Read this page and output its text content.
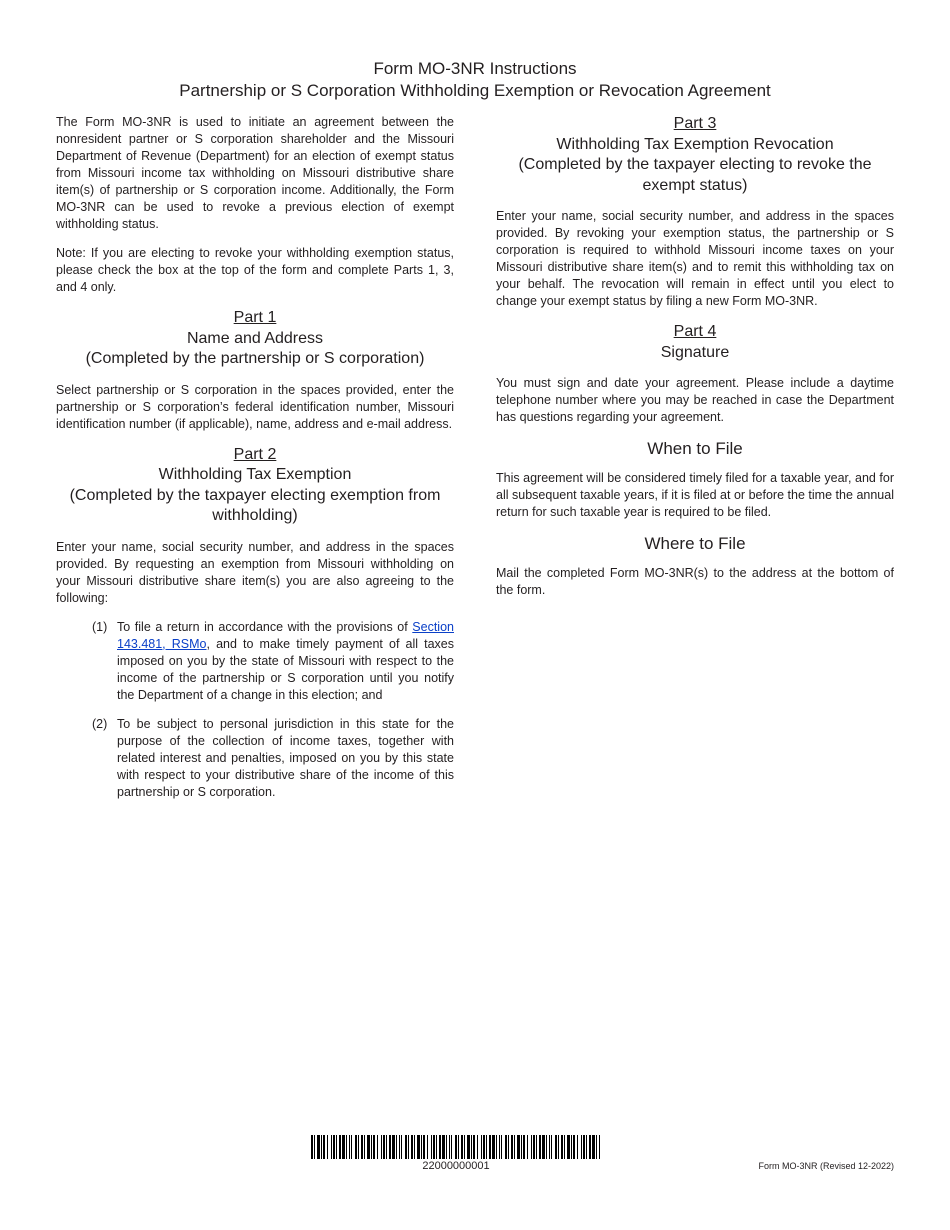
Form MO-3NR Instructions
Partnership or S Corporation Withholding Exemption or Revocation Agreement

The Form MO-3NR is used to initiate an agreement between the nonresident partner or S corporation shareholder and the Missouri Department of Revenue (Department) for an election of exempt status from Missouri income tax withholding on Missouri distributive share item(s) of partnership or S corporation income. Additionally, the Form MO-3NR can be used to revoke a previous election of exempt withholding status.

Note: If you are electing to revoke your withholding exemption status, please check the box at the top of the form and complete Parts 1, 3, and 4 only.

Part 1
Name and Address
(Completed by the partnership or S corporation)

Select partnership or S corporation in the spaces provided, enter the partnership or S corporation’s federal identification number, Missouri identification number (if applicable), name, address and e-mail address.

Part 2
Withholding Tax Exemption
(Completed by the taxpayer electing exemption from withholding)

Enter your name, social security number, and address in the spaces provided. By requesting an exemption from Missouri withholding on your Missouri distributive share item(s) you are also agreeing to the following:

(1) To file a return in accordance with the provisions of Section 143.481, RSMo, and to make timely payment of all taxes imposed on you by the state of Missouri with respect to the income of the partnership or S corporation until you notify the Department of a change in this election; and
(2) To be subject to personal jurisdiction in this state for the purpose of the collection of income taxes, together with related interest and penalties, imposed on you by this state with respect to your distributive share of the income of this partnership or S corporation.
Part 3
Withholding Tax Exemption Revocation
(Completed by the taxpayer electing to revoke the exempt status)

Enter your name, social security number, and address in the spaces provided. By revoking your exemption status, the partnership or S corporation is required to withhold Missouri income taxes on your Missouri distributive share item(s) and to remit this withholding tax on your behalf. The revocation will remain in effect until you elect to change your exempt status by filing a new Form MO-3NR.

Part 4
Signature

You must sign and date your agreement. Please include a daytime telephone number where you may be reached in case the Department has questions regarding your agreement.

When to File

This agreement will be considered timely filed for a taxable year, and for all subsequent taxable years, if it is filed at or before the time the annual return for such taxable year is required to be filed.

Where to File

Mail the completed Form MO-3NR(s) to the address at the bottom of the form.

22000000001	Form MO-3NR (Revised 12-2022)
